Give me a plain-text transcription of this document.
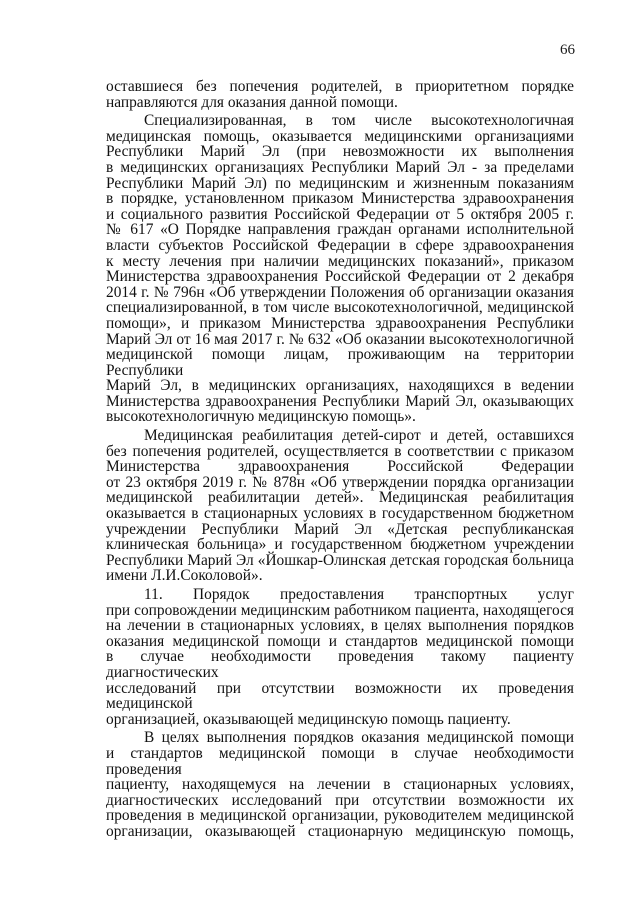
66
оставшиеся без попечения родителей, в приоритетном порядке
направляются для оказания данной помощи.
Специализированная, в том числе высокотехнологичная
медицинская помощь, оказывается медицинскими организациями
Республики Марий Эл (при невозможности их выполнения
в медицинских организациях Республики Марий Эл - за пределами
Республики Марий Эл) по медицинским и жизненным показаниям
в порядке, установленном приказом Министерства здравоохранения
и социального развития Российской Федерации от 5 октября 2005 г.
№ 617 «О Порядке направления граждан органами исполнительной
власти субъектов Российской Федерации в сфере здравоохранения
к месту лечения при наличии медицинских показаний», приказом
Министерства здравоохранения Российской Федерации от 2 декабря
2014 г. № 796н «Об утверждении Положения об организации оказания
специализированной, в том числе высокотехнологичной, медицинской
помощи», и приказом Министерства здравоохранения Республики
Марий Эл от 16 мая 2017 г. № 632 «Об оказании высокотехнологичной
медицинской помощи лицам, проживающим на территории Республики
Марий Эл, в медицинских организациях, находящихся в ведении
Министерства здравоохранения Республики Марий Эл, оказывающих
высокотехнологичную медицинскую помощь».
Медицинская реабилитация детей-сирот и детей, оставшихся
без попечения родителей, осуществляется в соответствии с приказом
Министерства здравоохранения Российской Федерации
от 23 октября 2019 г. № 878н «Об утверждении порядка организации
медицинской реабилитации детей». Медицинская реабилитация
оказывается в стационарных условиях в государственном бюджетном
учреждении Республики Марий Эл «Детская республиканская
клиническая больница» и государственном бюджетном учреждении
Республики Марий Эл «Йошкар-Олинская детская городская больница
имени Л.И.Соколовой».
11. Порядок предоставления транспортных услуг
при сопровождении медицинским работником пациента, находящегося
на лечении в стационарных условиях, в целях выполнения порядков
оказания медицинской помощи и стандартов медицинской помощи
в случае необходимости проведения такому пациенту диагностических
исследований при отсутствии возможности их проведения медицинской
организацией, оказывающей медицинскую помощь пациенту.
В целях выполнения порядков оказания медицинской помощи
и стандартов медицинской помощи в случае необходимости проведения
пациенту, находящемуся на лечении в стационарных условиях,
диагностических исследований при отсутствии возможности их
проведения в медицинской организации, руководителем медицинской
организации, оказывающей стационарную медицинскую помощь,
